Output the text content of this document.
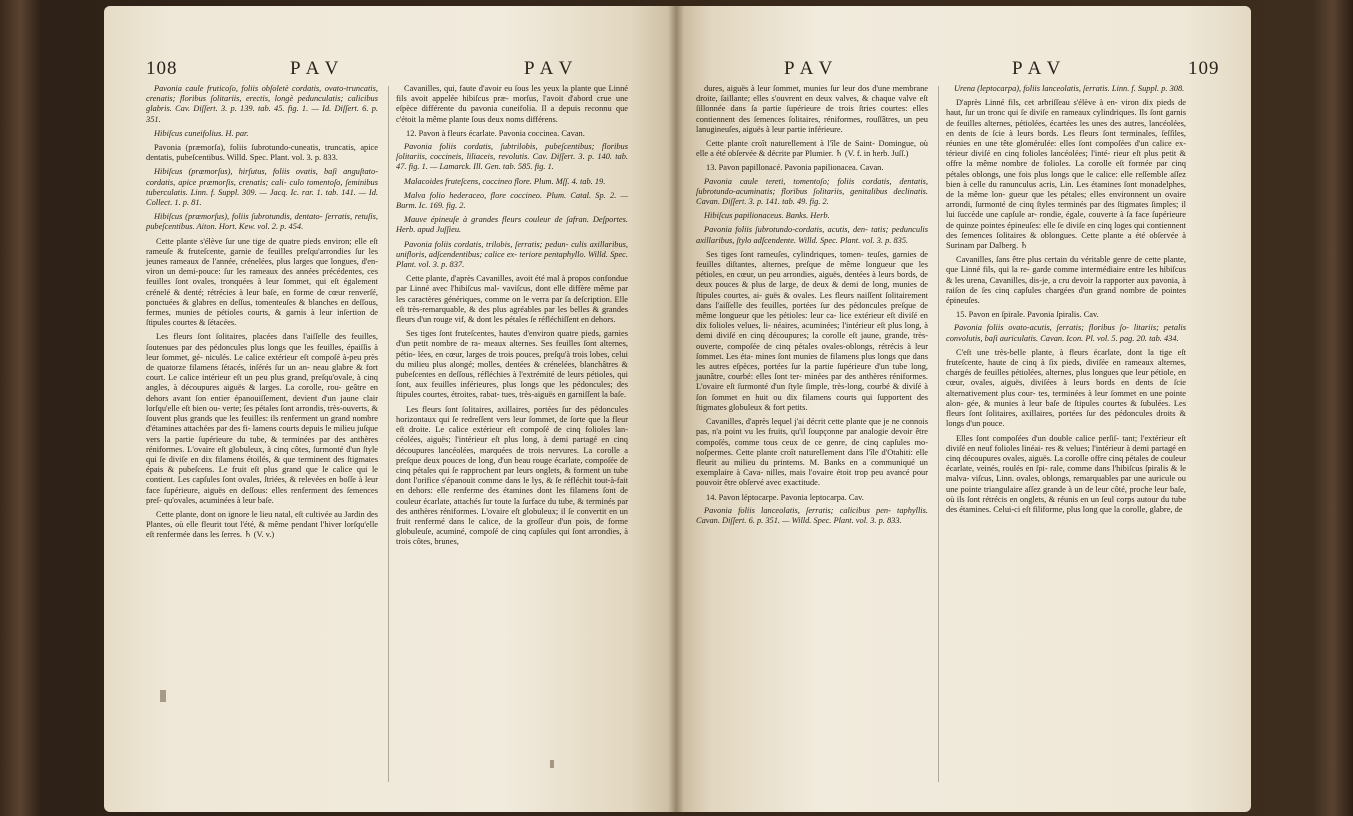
108	P A V	P A V

Pavonia caule fruticoſo, foliis obſoletè cordatis, ovato-truncatis, crenatis; floribus ſolitariis, erectis, longè pedunculatis; calicibus glabris. Cav. Diſſert. 3. p. 139. tab. 45. fig. 1. — Id. Diſſert. 6. p. 351.

Hibiſcus cuneifolius. H. par.

Pavonia (præmorſa), foliis ſubrotundo-cuneatis, truncatis, apice dentatis, pubeſcentibus. Willd. Spec. Plant. vol. 3. p. 833.

Hibiſcus (præmorſus), hirſutus, foliis ovatis, baſi anguſtato-cordatis, apice præmorſis, crenatis; cali- culo tomentoſo, ſeminibus tuberculatis. Linn. f. Suppl. 309. — Jacq. Ic. rar. 1. tab. 141. — Id. Collect. 1. p. 81.

Hibiſcus (præmorſus), foliis ſubrotundis, dentato- ſerratis, retuſis, pubeſcentibus. Aiton. Hort. Kew. vol. 2. p. 454.

Cette plante s'élève ſur une tige de quatre pieds environ; elle eſt rameuſe & fruteſcente, garnie de feuilles preſqu'arrondies ſur les jeunes rameaux de l'année, crénelées, plus larges que longues, d'en- viron un demi-pouce: ſur les rameaux des années précédentes, ces feuilles ſont ovales, tronquées à leur ſommet, qui eſt également crénelé & denté; rétrécies à leur baſe, en forme de cœur renverſé, ponctuées & glabres en deſſus, tomenteuſes & blanches en deſſous, fermes, munies de pétioles courts, & garnis à leur inſertion de ſtipules courtes & ſétacées.

Les fleurs ſont ſolitaires, placées dans l'aiſſelle des feuilles, ſoutenues par des pédoncules plus longs que les feuilles, épaiſſis à leur ſommet, gé- niculés. Le calice extérieur eſt compoſé à-peu près de quatorze filamens ſétacés, inſérés ſur un an- neau glabre & fort court. Le calice intérieur eſt un peu plus grand, preſqu'ovale, à cinq angles, à découpures aiguës & larges. La corolle, rou- geâtre en dehors avant ſon entier épanouiſſement, devient d'un jaune clair lorſqu'elle eſt bien ou- verte; ſes pétales ſont arrondis, très-ouverts, & ſouvent plus grands que les feuilles: ils renferment un grand nombre d'étamines attachées par des fi- lamens courts depuis le milieu juſque vers la partie ſupérieure du tube, & terminées par des anthères réniformes. L'ovaire eſt globuleux, à cinq côtes, ſurmonté d'un ſtyle qui ſe diviſe en dix filamens étoilés, & que terminent des ſtigmates épais & pubeſcens. Le fruit eſt plus grand que le calice qui le contient. Les capſules ſont ovales, ſtriées, & relevées en boſſe à leur face ſupérieure, aiguës en deſſous: elles renferment des ſemences preſ- qu'ovales, acuminées à leur baſe.

Cette plante, dont on ignore le lieu natal, eſt cultivée au Jardin des Plantes, où elle fleurit tout l'été, & même pendant l'hiver lorſqu'elle eſt renfermée dans les ſerres. ♄ (V. v.)

Cavanilles, qui, faute d'avoir eu ſous les yeux la plante que Linné fils avoit appelée hibiſcus præ- morſus, l'avoit d'abord crue une eſpèce différente du pavonia cuneifolia. Il a depuis reconnu que c'étoit la même plante ſous deux noms différens.

12. Pavon à fleurs écarlate. Pavonia coccinea. Cavan.

Pavonia foliis cordatis, ſubtrilobis, pubeſcentibus; floribus ſolitariis, coccineis, liliaceis, revolutis. Cav. Diſſert. 3. p. 140. tab. 47. fig. 1. — Lamarck. Ill. Gen. tab. 585. fig. 1.

Malacoides fruteſcens, coccineo flore. Plum. Mſſ. 4. tab. 19.

Malva folio hederaceo, flore coccineo. Plum. Catal. Sp. 2. — Burm. Ic. 169. fig. 2.

Mauve épineuſe à grandes fleurs couleur de ſafran. Deſportes. Herb. apud Juſſieu.

Pavonia foliis cordatis, trilobis, ſerratis; pedun- culis axillaribus, unifloris, adſcendentibus; calice ex- teriore pentaphyllo. Willd. Spec. Plant. vol. 3. p. 837.

Cette plante, d'après Cavanilles, avoit été mal à propos confondue par Linné avec l'hibiſcus mal- vaviſcus, dont elle diffère même par les caractères génériques, comme on le verra par ſa deſcription. Elle eſt très-remarquable, & des plus agréables par les belles & grandes fleurs d'un rouge vif, & dont les pétales ſe réfléchiſſent en dehors.

Ses tiges ſont fruteſcentes, hautes d'environ quatre pieds, garnies d'un petit nombre de ra- meaux alternes. Ses feuilles ſont alternes, pétio- lées, en cœur, larges de trois pouces, preſqu'à trois lobes, celui du milieu plus alongé; molles, dentées & crénelées, blanchâtres & pubeſcentes en deſſous, réfléchies à l'extrémité de leurs pétioles, qui ſont, aux feuilles inférieures, plus longs que les pédoncules; des ſtipules courtes, étroites, rabat- tues, très-aiguës en garniſſent la baſe.

Les fleurs ſont ſolitaires, axillaires, portées ſur des pédoncules horizontaux qui ſe redreſſent vers leur ſommet, de ſorte que la fleur eſt droite. Le calice extérieur eſt compoſé de cinq folioles lan- céolées, aiguës; l'intérieur eſt plus long, à demi partagé en cinq découpures lancéolées, marquées de trois nervures. La corolle a preſque deux pouces de long, d'un beau rouge écarlate, compoſée de cinq pétales qui ſe rapprochent par leurs onglets, & forment un tube dont l'orifice s'épanouit comme dans le lys, & ſe réfléchit tout-à-fait en dehors: elle renferme des étamines dont les filamens ſont de couleur écarlate, attachés ſur toute la ſurface du tube, & terminés par des anthères réniformes. L'ovaire eſt globuleux; il ſe convertit en un fruit renfermé dans le calice, de la groſſeur d'un pois, de forme globuleuſe, acuminé, compoſé de cinq capſules qui ſont arrondies, à trois côtes, brunes,

P A V	P A V	109

dures, aiguës à leur ſommet, munies ſur leur dos d'une membrane droite, ſaillante; elles s'ouvrent en deux valves, & chaque valve eſt ſillonnée dans ſa partie ſupérieure de trois ſtries courtes: elles contiennent des ſemences ſolitaires, réniformes, rouſſâtres, un peu lanugineuſes, aiguës à leur partie inférieure.

Cette plante croît naturellement à l'île de Saint- Domingue, où elle a été obſervée & décrite par Plumier. ♄ (V. f. in herb. Juſſ.)

13. Pavon papillonacé. Pavonia papilionacea. Cavan.

Pavonia caule tereti, tomentoſo; foliis cordatis, dentatis, ſubrotundo-acuminatis; floribus ſolitariis, genitalibus declinatis. Cavan. Diſſert. 3. p. 141. tab. 49. fig. 2.

Hibiſcus papilionaceus. Banks. Herb.

Pavonia foliis ſubrotundo-cordatis, acutis, den- tatis; pedunculis axillaribus, ſtylo adſcendente. Willd. Spec. Plant. vol. 3. p. 835.

Ses tiges ſont rameuſes, cylindriques, tomen- teuſes, garnies de feuilles diſtantes, alternes, preſque de même longueur que les pétioles, en cœur, un peu arrondies, aiguës, dentées à leurs bords, de deux pouces & plus de large, de deux & demi de long, munies de ſtipules courtes, ai- guës & ovales. Les fleurs naiſſent ſolitairement dans l'aiſſelle des feuilles, portées ſur des pédoncules preſque de même longueur que les pétioles: leur ca- lice extérieur eſt diviſé en dix folioles velues, li- néaires, acuminées; l'intérieur eſt plus long, à demi diviſé en cinq découpures; la corolle eſt jaune, grande, très-ouverte, compoſée de cinq pétales ovales-oblongs, rétrécis à leur ſommet. Les éta- mines ſont munies de filamens plus longs que dans les autres eſpèces, portées ſur la partie ſupérieure d'un tube long, jaunâtre, courbé: elles ſont ter- minées par des anthères réniformes. L'ovaire eſt ſurmonté d'un ſtyle ſimple, très-long, courbé & diviſé à ſon ſommet en huit ou dix filamens courts qui ſupportent des ſtigmates globuleux & fort petits.

Cavanilles, d'après lequel j'ai décrit cette plante que je ne connois pas, n'a point vu les fruits, qu'il ſoupçonne par analogie devoir être compoſés, comme tous ceux de ce genre, de cinq capſules mo- noſpermes. Cette plante croît naturellement dans l'île d'Otahiti: elle fleurit au milieu du printems. M. Banks en a communiqué un exemplaire à Cava- nilles, mais l'ovaire étoit trop peu avancé pour pouvoir être obſervé avec exactitude.

14. Pavon léptocarpe. Pavonia leptocarpa. Cav.

Pavonia foliis lanceolatis, ſerratis; calicibus pen- taphyllis. Cavan. Diſſert. 6. p. 351. — Willd. Spec. Plant. vol. 3. p. 833.

Urena (leptocarpa), foliis lanceolatis, ſerratis. Linn. f. Suppl. p. 308.

D'après Linné fils, cet arbriſſeau s'élève à en- viron dix pieds de haut, ſur un tronc qui ſe diviſe en rameaux cylindriques. Ils ſont garnis de feuilles alternes, pétiolées, écartées les unes des autres, lancéolées, en dents de ſcie à leurs bords. Les fleurs ſont terminales, ſeſſiles, réunies en une tête glomérulée: elles ſont compoſées d'un calice ex- térieur diviſé en cinq folioles lancéolées; l'inté- rieur eſt plus petit & offre la même nombre de folioles. La corolle eſt formée par cinq pétales oblongs, une fois plus longs que le calice: elle reſſemble aſſez bien à celle du ranunculus acris, Lin. Les étamines ſont monadelphes, de la même lon- gueur que les pétales; elles environnent un ovaire arrondi, ſurmonté de cinq ſtyles terminés par des ſtigmates ſimples; il lui ſuccède une capſule ar- rondie, égale, couverte à ſa face ſupérieure de quinze pointes épineuſes: elle ſe diviſe en cinq loges qui contiennent des ſemences ſolitaires & oblongues. Cette plante a été obſervée à Surinam par Dalberg. ♄

Cavanilles, ſans être plus certain du véritable genre de cette plante, que Linné fils, qui la re- garde comme intermédiaire entre les hibiſcus & les urena, Cavanilles, dis-je, a cru devoir la rapporter aux pavonia, à raiſon de ſes cinq capſules chargées d'un grand nombre de pointes épineuſes.

15. Pavon en ſpirale. Pavonia ſpiralis. Cav.

Pavonia foliis ovato-acutis, ſerratis; floribus ſo- litariis; petalis convolutis, baſi auriculatis. Cavan. Icon. Pl. vol. 5. pag. 20. tab. 434.

C'eſt une très-belle plante, à fleurs écarlate, dont la tige eſt fruteſcente, haute de cinq à ſix pieds, diviſée en rameaux alternes, chargés de feuilles pétiolées, alternes, plus longues que leur pétiole, en cœur, ovales, aiguës, diviſées à leurs bords en dents de ſcie alternativement plus cour- tes, terminées à leur ſommet en une pointe alon- gée, & munies à leur baſe de ſtipules courtes & ſubulées. Les fleurs ſont ſolitaires, axillaires, portées ſur des pédoncules droits & longs d'un pouce.

Elles ſont compoſées d'un double calice perſiſ- tant; l'extérieur eſt diviſé en neuf folioles linéai- res & velues; l'intérieur à demi partagé en cinq découpures ovales, aiguës. La corolle offre cinq pétales de couleur écarlate, veinés, roulés en ſpi- rale, comme dans l'hibiſcus ſpiralis & le malva- viſcus, Linn. ovales, oblongs, remarquables par une auricule ou une pointe triangulaire aſſez grande à un de leur côté, proche leur baſe, où ils ſont rétrécis en onglets, & réunis en un ſeul corps autour du tube des étamines. Celui-ci eſt filiforme, plus long que la corolle, glabre, de
